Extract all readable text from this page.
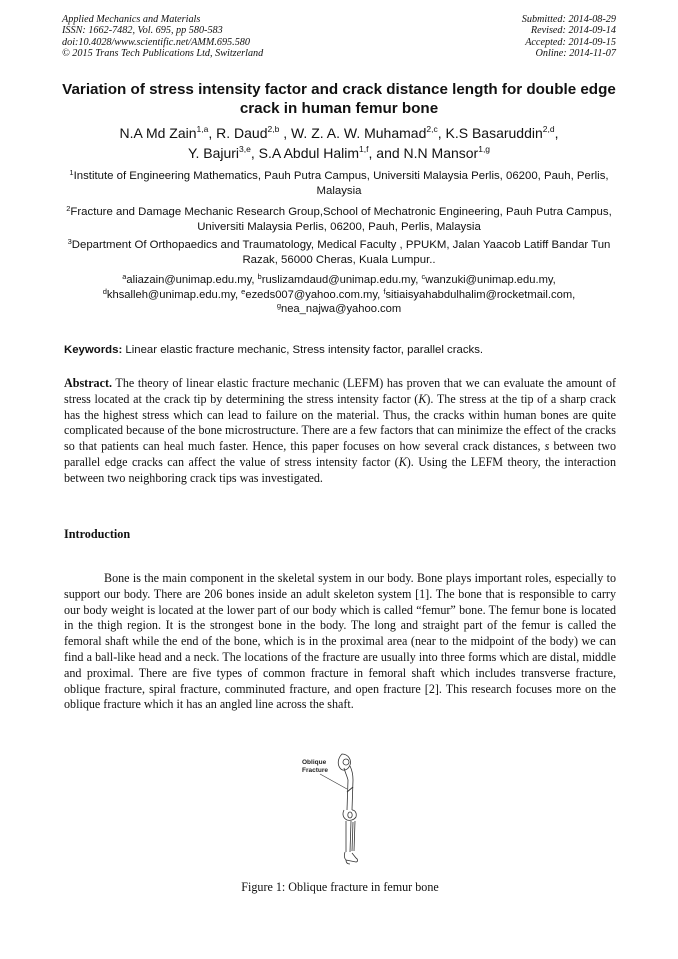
Applied Mechanics and Materials
ISSN: 1662-7482, Vol. 695, pp 580-583
doi:10.4028/www.scientific.net/AMM.695.580
© 2015 Trans Tech Publications Ltd, Switzerland
Submitted: 2014-08-29
Revised: 2014-09-14
Accepted: 2014-09-15
Online: 2014-11-07
Variation of stress intensity factor and crack distance length for double edge crack in human femur bone
N.A Md Zain$^{1,a}$, R. Daud$^{2,b}$ , W. Z. A. W. Muhamad$^{2,c}$, K.S Basaruddin$^{2,d}$,
Y. Bajuri$^{3,e}$, S.A Abdul Halim$^{1,f}$, and N.N Mansor$^{1,g}$
$^1$Institute of Engineering Mathematics, Pauh Putra Campus, Universiti Malaysia Perlis, 06200, Pauh, Perlis, Malaysia
$^2$Fracture and Damage Mechanic Research Group,School of Mechatronic Engineering, Pauh Putra Campus, Universiti Malaysia Perlis, 06200, Pauh, Perlis, Malaysia
$^3$Department Of Orthopaedics and Traumatology, Medical Faculty , PPUKM, Jalan Yaacob Latiff Bandar Tun Razak, 56000 Cheras, Kuala Lumpur..
$^a$aliazain@unimap.edu.my, $^b$ruslizamdaud@unimap.edu.my, $^c$wanzuki@unimap.edu.my,
$^d$khsalleh@unimap.edu.my, $^e$ezeds007@yahoo.com.my, $^f$sitiaisyahabdulhalim@rocketmail.com,
$^g$nea_najwa@yahoo.com
Keywords: Linear elastic fracture mechanic, Stress intensity factor, parallel cracks.

Abstract. The theory of linear elastic fracture mechanic (LEFM) has proven that we can evaluate the amount of stress located at the crack tip by determining the stress intensity factor (K). The stress at the tip of a sharp crack has the highest stress which can lead to failure on the material. Thus, the cracks within human bones are quite complicated because of the bone microstructure. There are a few factors that can minimize the effect of the cracks so that patients can heal much faster. Hence, this paper focuses on how several crack distances, s between two parallel edge cracks can affect the value of stress intensity factor (K). Using the LEFM theory, the interaction between two neighboring crack tips was investigated.

Introduction

Bone is the main component in the skeletal system in our body. Bone plays important roles, especially to support our body. There are 206 bones inside an adult skeleton system [1]. The bone that is responsible to carry our body weight is located at the lower part of our body which is called “femur” bone. The femur bone is located in the thigh region. It is the strongest bone in the body. The long and straight part of the femur is called the femoral shaft while the end of the bone, which is in the proximal area (near to the midpoint of the body) we can find a ball-like head and a neck. The locations of the fracture are usually into three forms which are distal, middle and proximal. There are five types of common fracture in femoral shaft which includes transverse fracture, oblique fracture, spiral fracture, comminuted fracture, and open fracture [2]. This research focuses more on the oblique fracture which it has an angled line across the shaft.

Oblique
Fracture
Figure 1: Oblique fracture in femur bone
